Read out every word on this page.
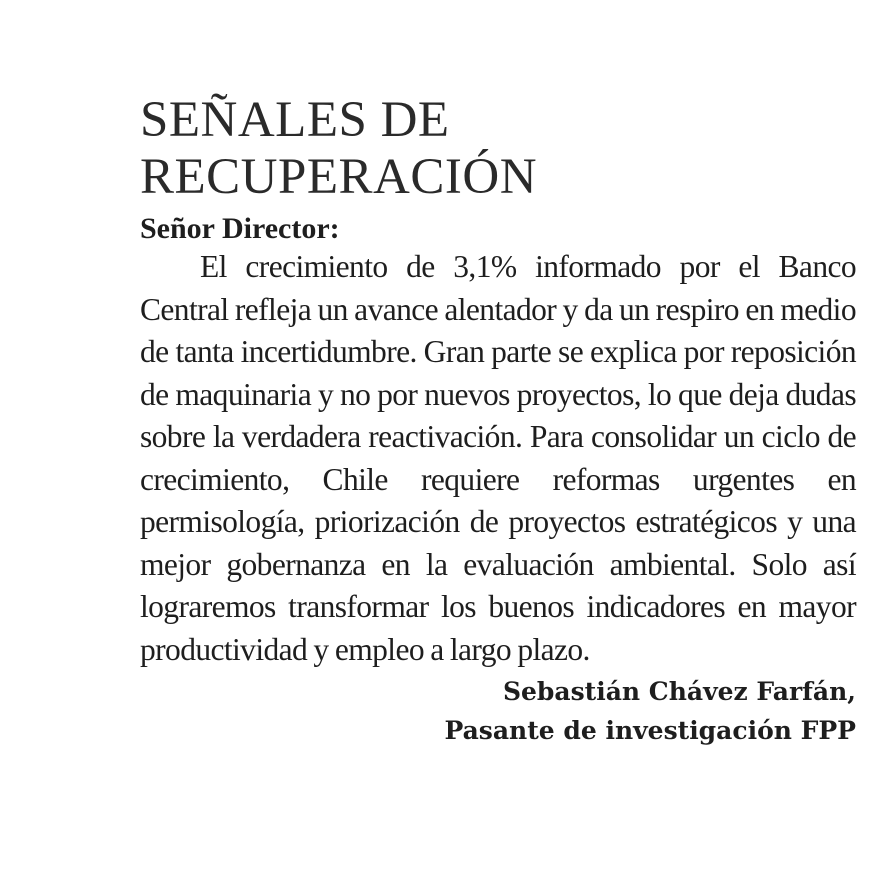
SEÑALES DE
RECUPERACIÓN

Señor Director:

El crecimiento de 3,1% informado por el Banco Central refleja un avance alentador y da un respiro en medio de tanta incertidumbre. Gran parte se explica por reposición de maquinaria y no por nuevos proyectos, lo que deja dudas sobre la verdadera reactivación. Para consolidar un ciclo de crecimiento, Chile requiere reformas urgentes en permisología, priorización de proyectos estratégicos y una mejor gobernanza en la evaluación ambiental. Solo así lograremos transformar los buenos indicadores en mayor productividad y empleo a largo plazo.

Sebastián Chávez Farfán,
Pasante de investigación FPP
